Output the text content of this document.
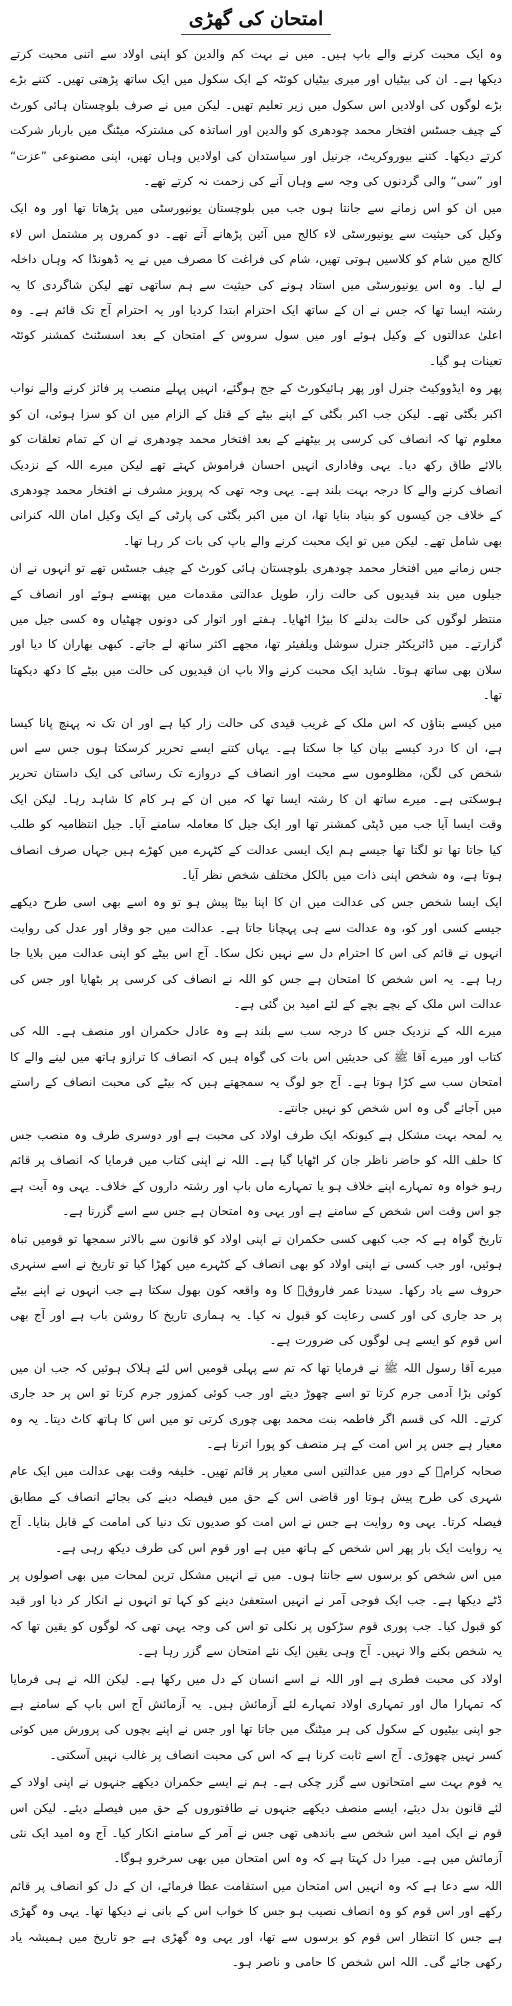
امتحان کی گھڑی

وہ ایک محبت کرنے والے باپ ہیں۔ میں نے بہت کم والدین کو اپنی اولاد سے اتنی محبت کرتے دیکھا ہے۔ ان کی بیٹیاں اور میری بیٹیاں کوئٹہ کے ایک سکول میں ایک ساتھ پڑھتی تھیں۔ کتنے بڑے بڑے لوگوں کی اولادیں اس سکول میں زیر تعلیم تھیں۔ لیکن میں نے صرف بلوچستان ہائی کورٹ کے چیف جسٹس افتخار محمد چودھری کو والدین اور اساتذہ کی مشترکہ میٹنگ میں باربار شرکت کرتے دیکھا۔ کتنے بیوروکریٹ، جرنیل اور سیاستدان کی اولادیں وہاں تھیں، اپنی مصنوعی ”عزت“ اور ”سی“ والی گردنوں کی وجہ سے وہاں آنے کی زحمت نہ کرتے تھے۔

میں ان کو اس زمانے سے جانتا ہوں جب میں بلوچستان یونیورسٹی میں پڑھاتا تھا اور وہ ایک وکیل کی حیثیت سے یونیورسٹی لاء کالج میں آئین پڑھانے آتے تھے۔ دو کمروں پر مشتمل اس لاء کالج میں شام کو کلاسیں ہوتی تھیں، شام کی فراغت کا مصرف میں نے یہ ڈھونڈا کہ وہاں داخلہ لے لیا۔ وہ اس یونیورسٹی میں استاد ہونے کی حیثیت سے ہم ساتھی تھے لیکن شاگردی کا یہ رشتہ ایسا تھا کہ جس نے ان کے ساتھ ایک احترام ابتدا کردیا اور یہ احترام آج تک قائم ہے۔ وہ اعلیٰ عدالتوں کے وکیل ہوئے اور میں سول سروس کے امتحان کے بعد اسسٹنٹ کمشنر کوئٹہ تعینات ہو گیا۔

پھر وہ ایڈووکیٹ جنرل اور پھر ہائیکورٹ کے جج ہوگئے، انہیں پہلے منصب پر فائز کرنے والے نواب اکبر بگٹی تھے۔ لیکن جب اکبر بگٹی کے اپنے بیٹے کے قتل کے الزام میں ان کو سزا ہوئی، ان کو معلوم تھا کہ انصاف کی کرسی پر بیٹھنے کے بعد افتخار محمد چودھری نے ان کے تمام تعلقات کو بالائے طاق رکھ دیا۔ یہی وفاداری انہیں احسان فراموش کہتے تھے لیکن میرے اللہ کے نزدیک انصاف کرنے والے کا درجہ بہت بلند ہے۔ یہی وجہ تھی کہ پرویز مشرف نے افتخار محمد چودھری کے خلاف جن کیسوں کو بنیاد بنایا تھا، ان میں اکبر بگٹی کی پارٹی کے ایک وکیل امان اللہ کنرانی بھی شامل تھے۔ لیکن میں تو ایک محبت کرنے والے باپ کی بات کر رہا تھا۔

جس زمانے میں افتخار محمد چودھری بلوچستان ہائی کورٹ کے چیف جسٹس تھے تو انہوں نے ان جیلوں میں بند قیدیوں کی حالت زار، طویل عدالتی مقدمات میں پھنسے ہوئے اور انصاف کے منتظر لوگوں کی حالت بدلنے کا بیڑا اٹھایا۔ ہفتے اور اتوار کی دونوں چھٹیاں وہ کسی جیل میں گزارتے۔ میں ڈائریکٹر جنرل سوشل ویلفیئر تھا، مجھے اکثر ساتھ لے جاتے۔ کبھی بھاران کا دیا اور سلان بھی ساتھ ہوتا۔ شاید ایک محبت کرنے والا باپ ان قیدیوں کی حالت میں بیٹے کا دکھ دیکھتا تھا۔

میں کیسے بتاؤں کہ اس ملک کے غریب قیدی کی حالت زار کیا ہے اور ان تک نہ پہنچ پانا کیسا ہے، ان کا درد کیسے بیان کیا جا سکتا ہے۔ یہاں کتنے ایسے تحریر کرسکتا ہوں جس سے اس شخص کی لگن، مظلوموں سے محبت اور انصاف کے دروازے تک رسائی کی ایک داستان تحریر ہوسکتی ہے۔ میرے ساتھ ان کا رشتہ ایسا تھا کہ میں ان کے ہر کام کا شاہد رہا۔ لیکن ایک وقت ایسا آیا جب میں ڈپٹی کمشنر تھا اور ایک جیل کا معاملہ سامنے آیا۔ جیل انتظامیہ کو طلب کیا جاتا تھا تو لگتا تھا جیسے ہم ایک ایسی عدالت کے کٹہرے میں کھڑے ہیں جہاں صرف انصاف ہوتا ہے، وہ شخص اپنی ذات میں بالکل مختلف شخص نظر آیا۔

ایک ایسا شخص جس کی عدالت میں ان کا اپنا بیٹا پیش ہو تو وہ اسے بھی اسی طرح دیکھے جیسے کسی اور کو، وہ عدالت سے ہی پہچانا جاتا ہے۔ عدالت میں جو وقار اور عدل کی روایت انہوں نے قائم کی اس کا احترام دل سے نہیں نکل سکا۔ آج اس بیٹے کو اپنی عدالت میں بلایا جا رہا ہے۔ یہ اس شخص کا امتحان ہے جس کو اللہ نے انصاف کی کرسی پر بٹھایا اور جس کی عدالت اس ملک کے بچے بچے کے لئے امید بن گئی ہے۔

میرے اللہ کے نزدیک جس کا درجہ سب سے بلند ہے وہ عادل حکمران اور منصف ہے۔ اللہ کی کتاب اور میرے آقا ﷺ کی حدیثیں اس بات کی گواہ ہیں کہ انصاف کا ترازو ہاتھ میں لینے والے کا امتحان سب سے کڑا ہوتا ہے۔ آج جو لوگ یہ سمجھتے ہیں کہ بیٹے کی محبت انصاف کے راستے میں آجائے گی وہ اس شخص کو نہیں جانتے۔

یہ لمحہ بہت مشکل ہے کیونکہ ایک طرف اولاد کی محبت ہے اور دوسری طرف وہ منصب جس کا حلف اللہ کو حاضر ناظر جان کر اٹھایا گیا ہے۔ اللہ نے اپنی کتاب میں فرمایا کہ انصاف پر قائم رہو خواہ وہ تمہارے اپنے خلاف ہو یا تمہارے ماں باپ اور رشتہ داروں کے خلاف۔ یہی وہ آیت ہے جو اس وقت اس شخص کے سامنے ہے اور یہی وہ امتحان ہے جس سے اسے گزرنا ہے۔

تاریخ گواہ ہے کہ جب کبھی کسی حکمران نے اپنی اولاد کو قانون سے بالاتر سمجھا تو قومیں تباہ ہوئیں، اور جب کسی نے اپنی اولاد کو بھی انصاف کے کٹہرے میں کھڑا کیا تو تاریخ نے اسے سنہری حروف سے یاد رکھا۔ سیدنا عمر فاروقؓ کا وہ واقعہ کون بھول سکتا ہے جب انہوں نے اپنے بیٹے پر حد جاری کی اور کسی رعایت کو قبول نہ کیا۔ یہ ہماری تاریخ کا روشن باب ہے اور آج بھی اس قوم کو ایسے ہی لوگوں کی ضرورت ہے۔

میرے آقا رسول اللہ ﷺ نے فرمایا تھا کہ تم سے پہلی قومیں اس لئے ہلاک ہوئیں کہ جب ان میں کوئی بڑا آدمی جرم کرتا تو اسے چھوڑ دیتے اور جب کوئی کمزور جرم کرتا تو اس پر حد جاری کرتے۔ اللہ کی قسم اگر فاطمہ بنت محمد بھی چوری کرتی تو میں اس کا ہاتھ کاٹ دیتا۔ یہ وہ معیار ہے جس پر اس امت کے ہر منصف کو پورا اترنا ہے۔

صحابہ کرامؓ کے دور میں عدالتیں اسی معیار پر قائم تھیں۔ خلیفہ وقت بھی عدالت میں ایک عام شہری کی طرح پیش ہوتا اور قاضی اس کے حق میں فیصلہ دینے کی بجائے انصاف کے مطابق فیصلہ کرتا۔ یہی وہ روایت ہے جس نے اس امت کو صدیوں تک دنیا کی امامت کے قابل بنایا۔ آج یہ روایت ایک بار پھر اس شخص کے ہاتھ میں ہے اور قوم اس کی طرف دیکھ رہی ہے۔

میں اس شخص کو برسوں سے جانتا ہوں۔ میں نے انہیں مشکل ترین لمحات میں بھی اصولوں پر ڈٹے دیکھا ہے۔ جب ایک فوجی آمر نے انہیں استعفیٰ دینے کو کہا تو انہوں نے انکار کر دیا اور قید کو قبول کیا۔ جب پوری قوم سڑکوں پر نکلی تو اس کی وجہ یہی تھی کہ لوگوں کو یقین تھا کہ یہ شخص بکنے والا نہیں۔ آج وہی یقین ایک نئے امتحان سے گزر رہا ہے۔

اولاد کی محبت فطری ہے اور اللہ نے اسے انسان کے دل میں رکھا ہے۔ لیکن اللہ نے ہی فرمایا کہ تمہارا مال اور تمہاری اولاد تمہارے لئے آزمائش ہیں۔ یہ آزمائش آج اس باپ کے سامنے ہے جو اپنی بیٹیوں کے سکول کی ہر میٹنگ میں جاتا تھا اور جس نے اپنے بچوں کی پرورش میں کوئی کسر نہیں چھوڑی۔ آج اسے ثابت کرنا ہے کہ اس کی محبت انصاف پر غالب نہیں آسکتی۔

یہ قوم بہت سے امتحانوں سے گزر چکی ہے۔ ہم نے ایسے حکمران دیکھے جنہوں نے اپنی اولاد کے لئے قانون بدل دیئے، ایسے منصف دیکھے جنہوں نے طاقتوروں کے حق میں فیصلے دیئے۔ لیکن اس قوم نے ایک امید اس شخص سے باندھی تھی جس نے آمر کے سامنے انکار کیا۔ آج وہ امید ایک نئی آزمائش میں ہے۔ میرا دل کہتا ہے کہ وہ اس امتحان میں بھی سرخرو ہوگا۔

اللہ سے دعا ہے کہ وہ انہیں اس امتحان میں استقامت عطا فرمائے، ان کے دل کو انصاف پر قائم رکھے اور اس قوم کو وہ انصاف نصیب ہو جس کا خواب اس کے بانی نے دیکھا تھا۔ یہی وہ گھڑی ہے جس کا انتظار اس قوم کو برسوں سے تھا، اور یہی وہ گھڑی ہے جو تاریخ میں ہمیشہ یاد رکھی جائے گی۔ اللہ اس شخص کا حامی و ناصر ہو۔
